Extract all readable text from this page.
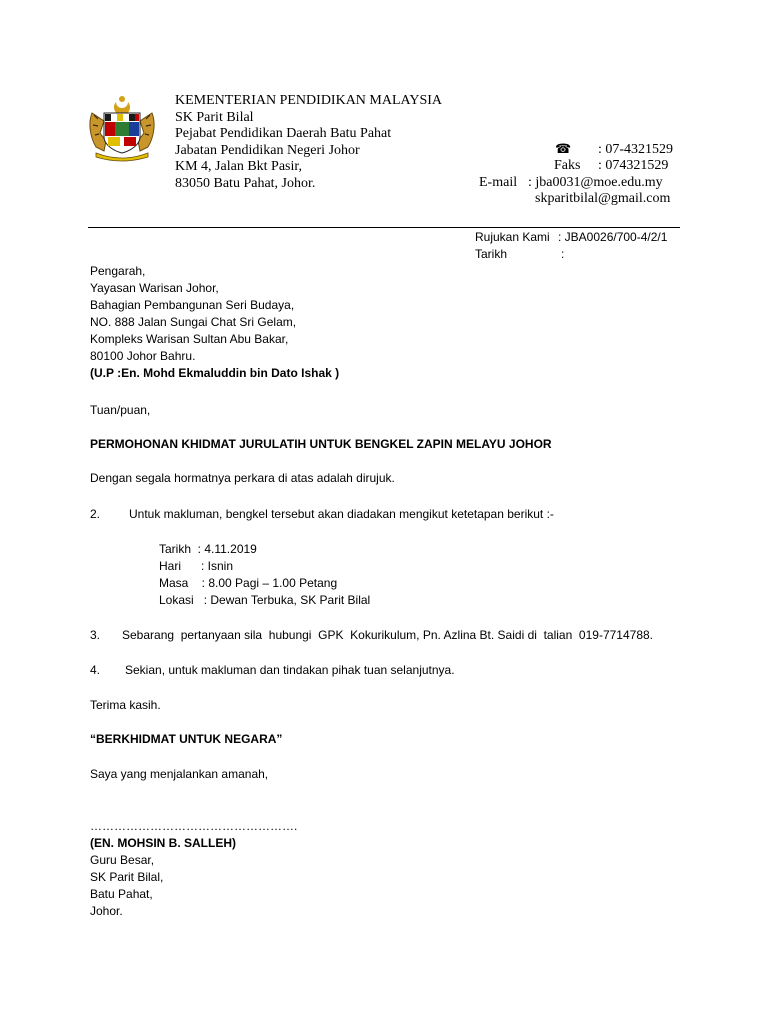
KEMENTERIAN PENDIDIKAN MALAYSIA
SK Parit Bilal
Pejabat Pendidikan Daerah Batu Pahat
Jabatan Pendidikan Negeri Johor
KM 4, Jalan Bkt Pasir,
83050 Batu Pahat, Johor.
☎ : 07-4321529
Faks : 074321529
E-mail : jba0031@moe.edu.my
skparitbilal@gmail.com
Rujukan Kami : JBA0026/700-4/2/1
Tarikh	:
Pengarah,
Yayasan Warisan Johor,
Bahagian Pembangunan Seri Budaya,
NO. 888 Jalan Sungai Chat Sri Gelam,
Kompleks Warisan Sultan Abu Bakar,
80100 Johor Bahru.
(U.P :En. Mohd Ekmaluddin bin Dato Ishak )
Tuan/puan,
PERMOHONAN KHIDMAT JURULATIH UNTUK BENGKEL ZAPIN MELAYU JOHOR
Dengan segala hormatnya perkara di atas adalah dirujuk.
2. Untuk makluman, bengkel tersebut akan diadakan mengikut ketetapan berikut :-
Tarikh  : 4.11.2019
Hari      : Isnin
Masa    : 8.00 Pagi – 1.00 Petang
Lokasi   : Dewan Terbuka, SK Parit Bilal
3. Sebarang  pertanyaan sila  hubungi  GPK  Kokurikulum, Pn. Azlina Bt. Saidi di  talian  019-7714788.
4. Sekian, untuk makluman dan tindakan pihak tuan selanjutnya.
Terima kasih.
“BERKHIDMAT UNTUK NEGARA”
Saya yang menjalankan amanah,
…………………………………………….
(EN. MOHSIN B. SALLEH)
Guru Besar,
SK Parit Bilal,
Batu Pahat,
Johor.
